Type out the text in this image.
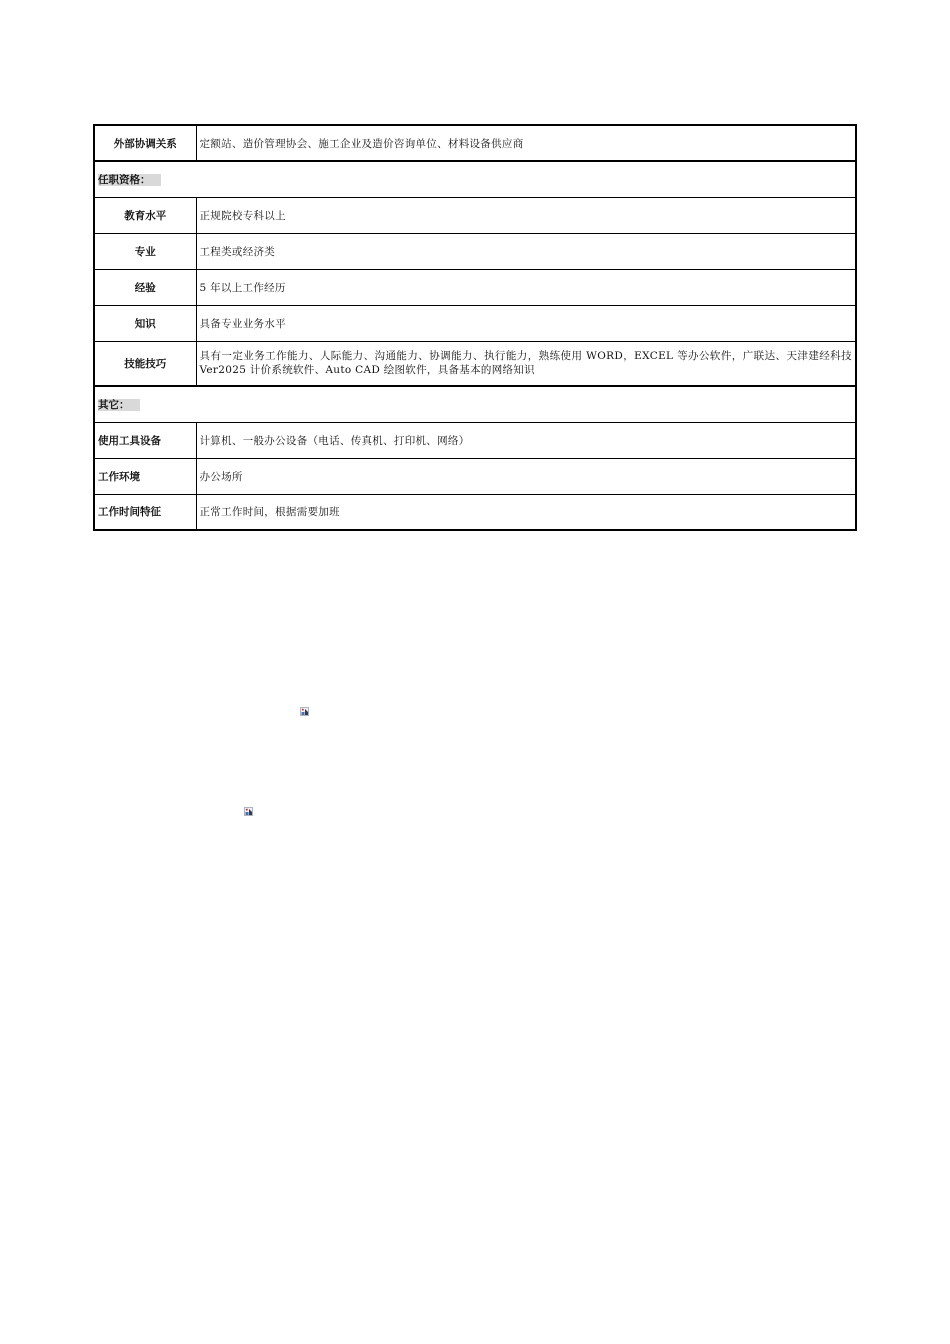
外部协调关系	定额站、造价管理协会、施工企业及造价咨询单位、材料设备供应商
任职资格：	
教育水平	正规院校专科以上
专业	工程类或经济类
经验	5 年以上工作经历
知识	具备专业业务水平
技能技巧	具有一定业务工作能力、人际能力、沟通能力、协调能力、执行能力，熟练使用 WORD，EXCEL 等办公软件，广联达、天津建经科技 Ver2025 计价系统软件、Auto CAD 绘图软件，具备基本的网络知识
其它：	
使用工具设备	计算机、一般办公设备（电话、传真机、打印机、网络）
工作环境	办公场所
工作时间特征	正常工作时间，根据需要加班
